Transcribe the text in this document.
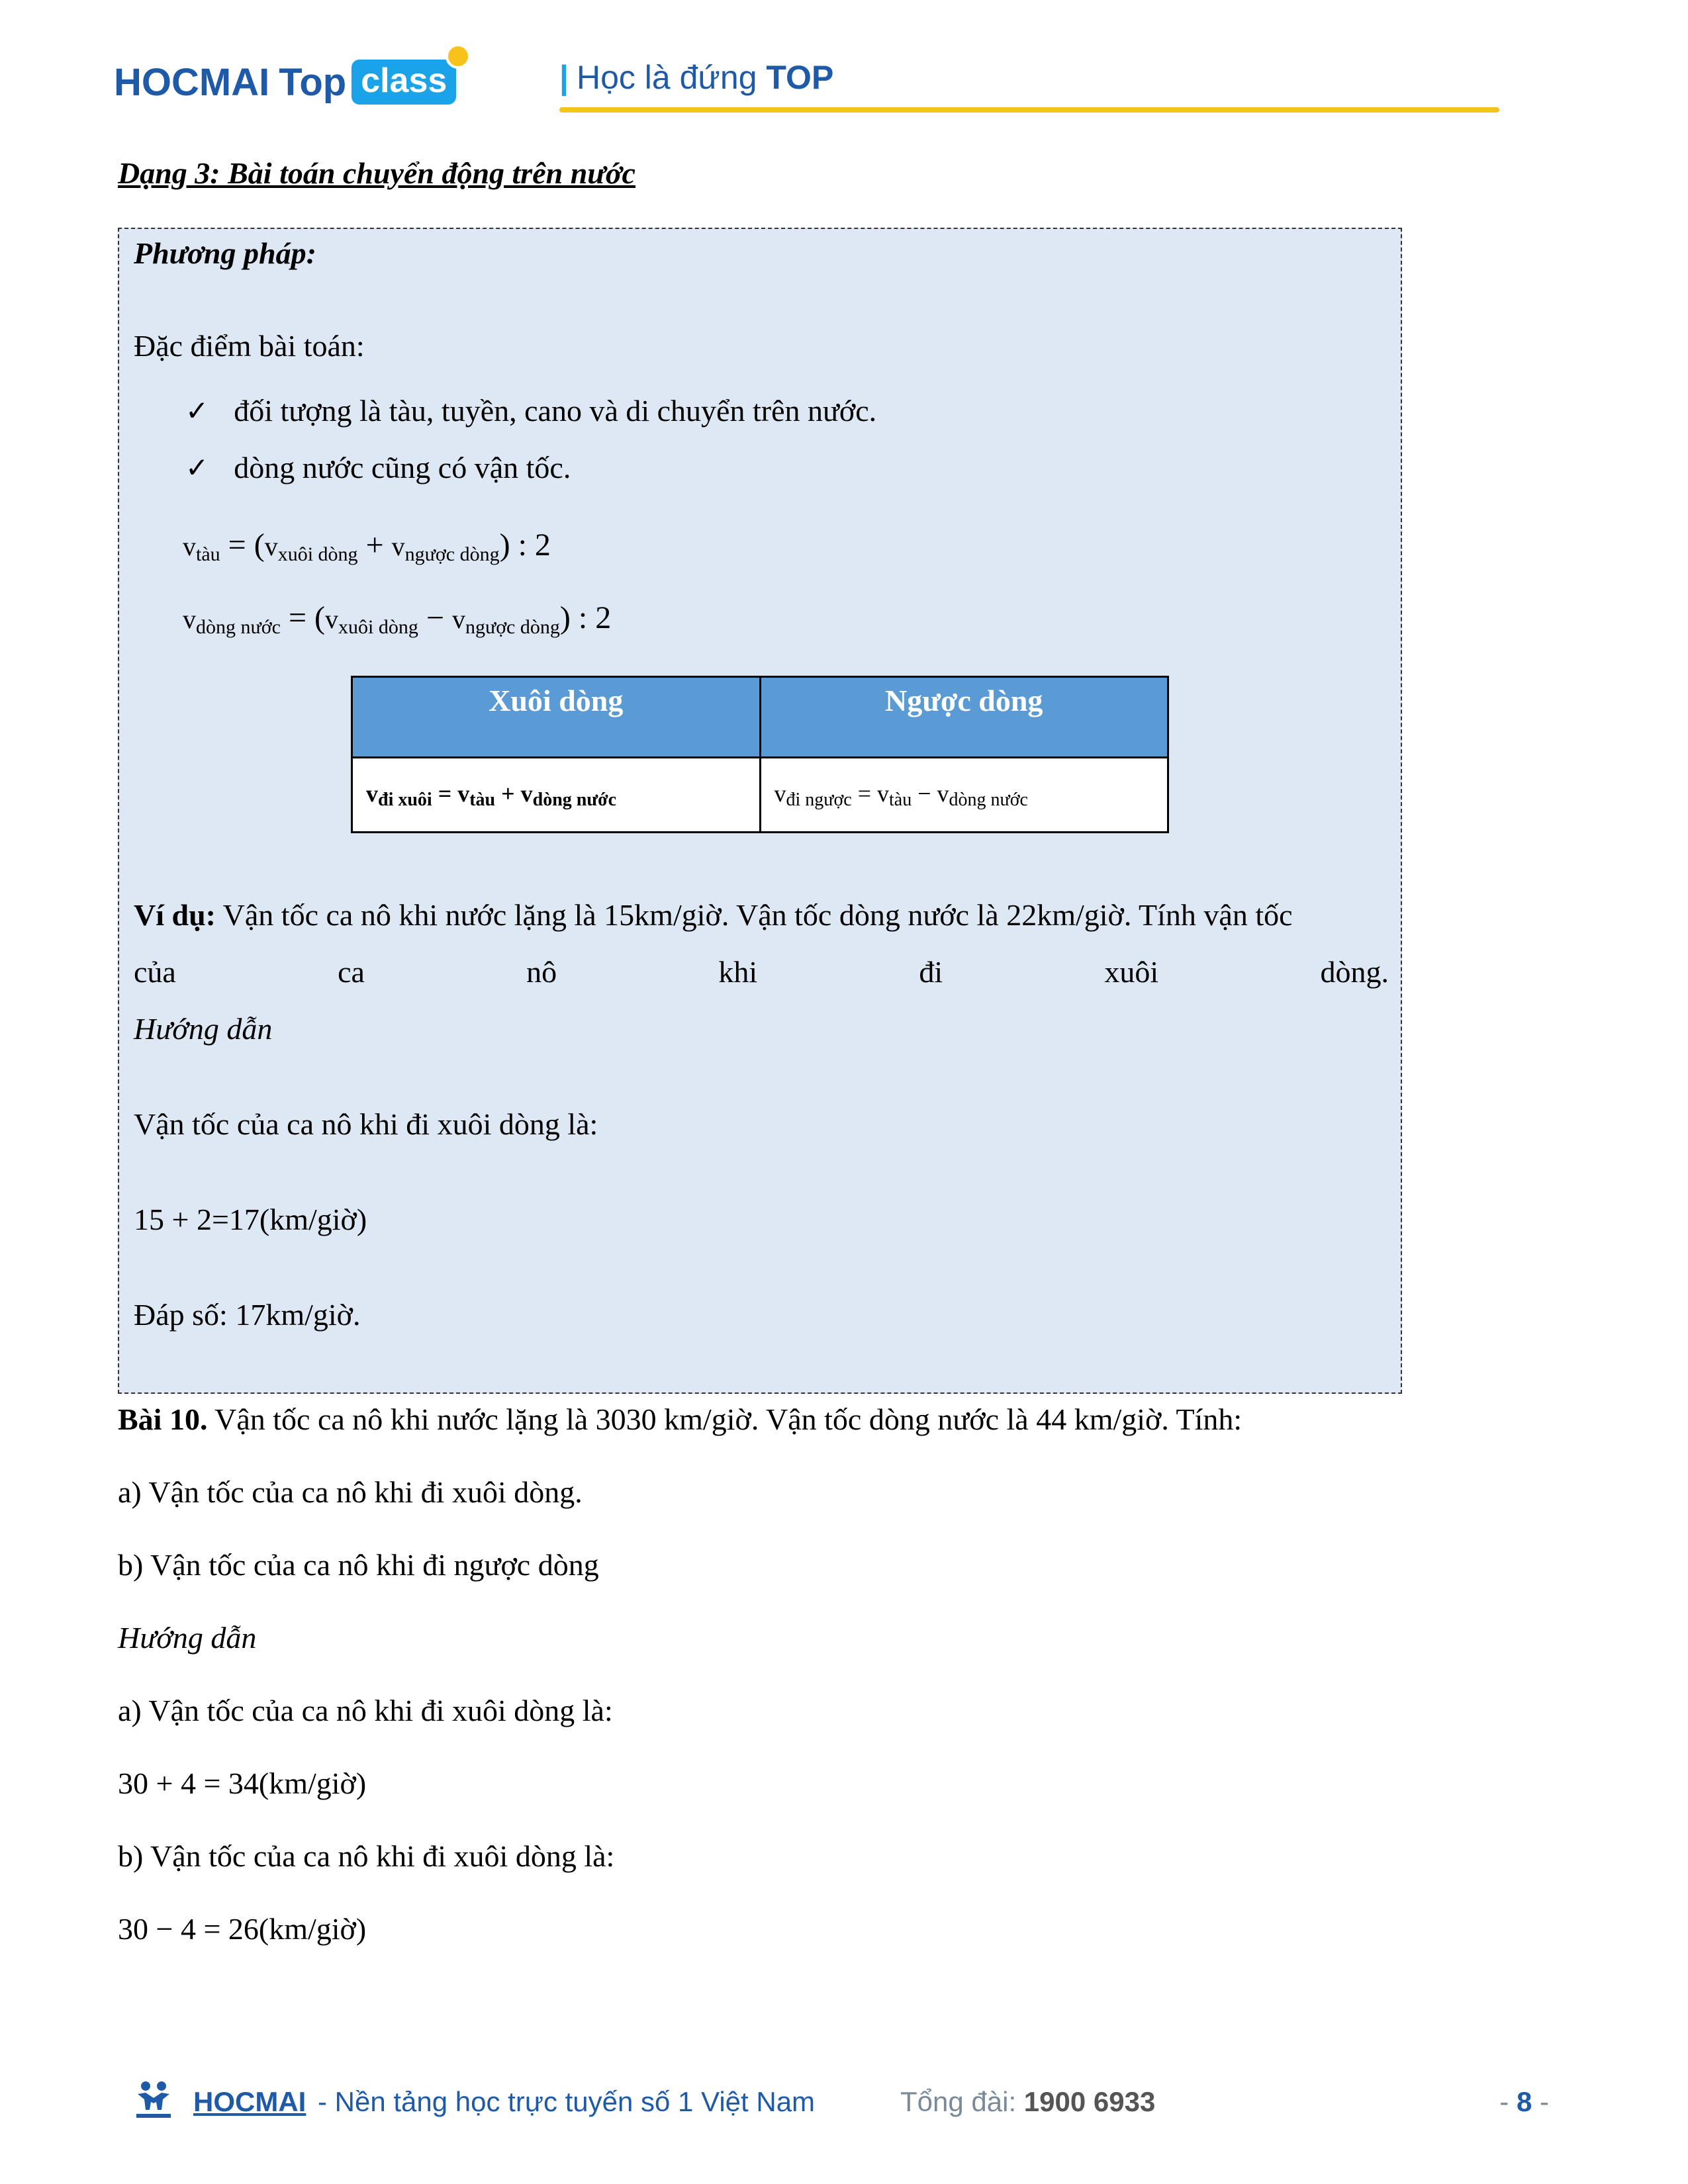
HOCMAI Top class	| Học là đứng TOP
Dạng 3: Bài toán chuyển động trên nước
Phương pháp:
Đặc điểm bài toán:
✓ đối tượng là tàu, tuyền, cano và di chuyển trên nước.
✓ dòng nước cũng có vận tốc.
$v_{tàu} = (v_{xuôi dòng} + v_{ngược dòng})$ : 2
$v_{dòng nước} = (v_{xuôi dòng} - v_{ngược dòng})$ : 2
Xuôi dòng	Ngược dòng
$v_{đi xuôi} = v_{tàu} + v_{dòng nước}$	$v_{đi ngược} = v_{tàu} - v_{dòng nước}$
Ví dụ: Vận tốc ca nô khi nước lặng là 15km/giờ. Vận tốc dòng nước là 22km/giờ. Tính vận tốc
của	ca	nô	khi	đi	xuôi	dòng.
Hướng dẫn
Vận tốc của ca nô khi đi xuôi dòng là:
15 + 2=17(km/giờ)
Đáp số: 17km/giờ.
Bài 10. Vận tốc ca nô khi nước lặng là 3030 km/giờ. Vận tốc dòng nước là 44 km/giờ. Tính:
a) Vận tốc của ca nô khi đi xuôi dòng.
b) Vận tốc của ca nô khi đi ngược dòng
Hướng dẫn
a) Vận tốc của ca nô khi đi xuôi dòng là:
30 + 4 = 34(km/giờ)
b) Vận tốc của ca nô khi đi xuôi dòng là:
30 − 4 = 26(km/giờ)
HOCMAI - Nền tảng học trực tuyến số 1 Việt Nam	Tổng đài: 1900 6933	- 8 -
